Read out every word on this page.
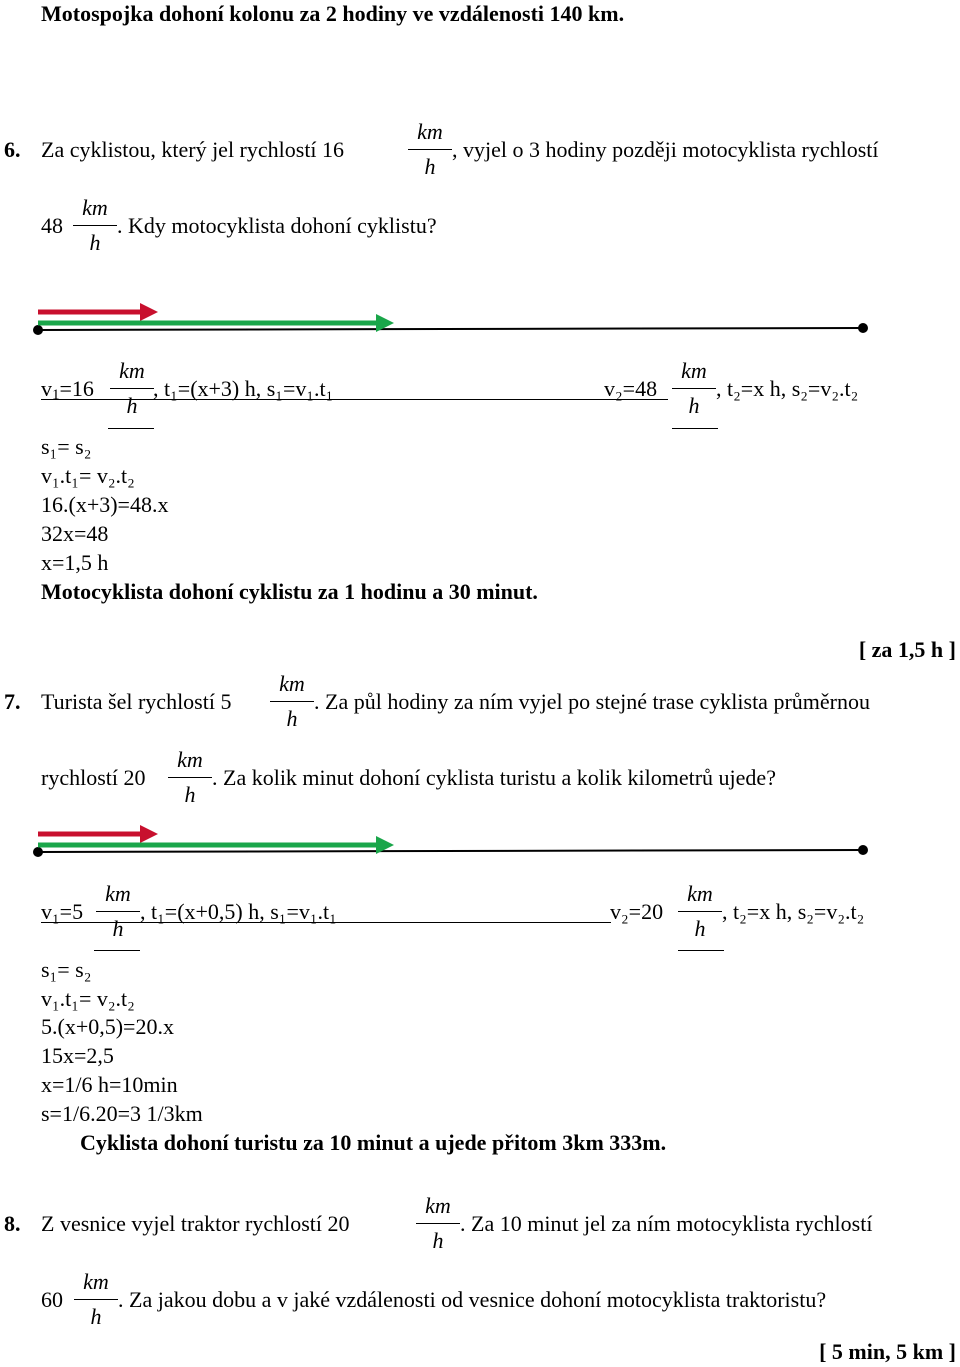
Motospojka dohoní kolonu za 2 hodiny ve vzdálenosti 140 km.
6. Za cyklistou, který jel rychlostí 16	$\frac{km}{h}$ , vyjel o 3 hodiny později motocyklista rychlostí
$48 \frac{km}{h}$ . Kdy motocyklista dohoní cyklistu?
$v_1=16 \frac{km}{h}$ , t₁=(x+3) h, s₁=v₁.t₁	$v_2=48 \frac{km}{h}$ , t₂=x h, s₂=v₂.t₂
s₁= s₂
v₁.t₁= v₂.t₂
16.(x+3)=48.x
32x=48
x=1,5 h
Motocyklista dohoní cyklistu za 1 hodinu a 30 minut.
[ za 1,5 h ]
7. Turista šel rychlostí $5 \frac{km}{h}$ . Za půl hodiny za ním vyjel po stejné trase cyklista průměrnou
rychlostí $20 \frac{km}{h}$ . Za kolik minut dohoní cyklista turistu a kolik kilometrů ujede?
$v_1=5 \frac{km}{h}$ , t₁=(x+0,5) h, s₁=v₁.t₁	$v_2=20 \frac{km}{h}$ , t₂=x h, s₂=v₂.t₂
s₁= s₂
v₁.t₁= v₂.t₂
5.(x+0,5)=20.x
15x=2,5
x=1/6 h=10min
s=1/6.20=3 1/3km
Cyklista dohoní turistu za 10 minut a ujede přitom 3km 333m.
8. Z vesnice vyjel traktor rychlostí 20	$\frac{km}{h}$ . Za 10 minut jel za ním motocyklista rychlostí
$60 \frac{km}{h}$ . Za jakou dobu a v jaké vzdálenosti od vesnice dohoní motocyklista traktoristu?
[ 5 min, 5 km ]
